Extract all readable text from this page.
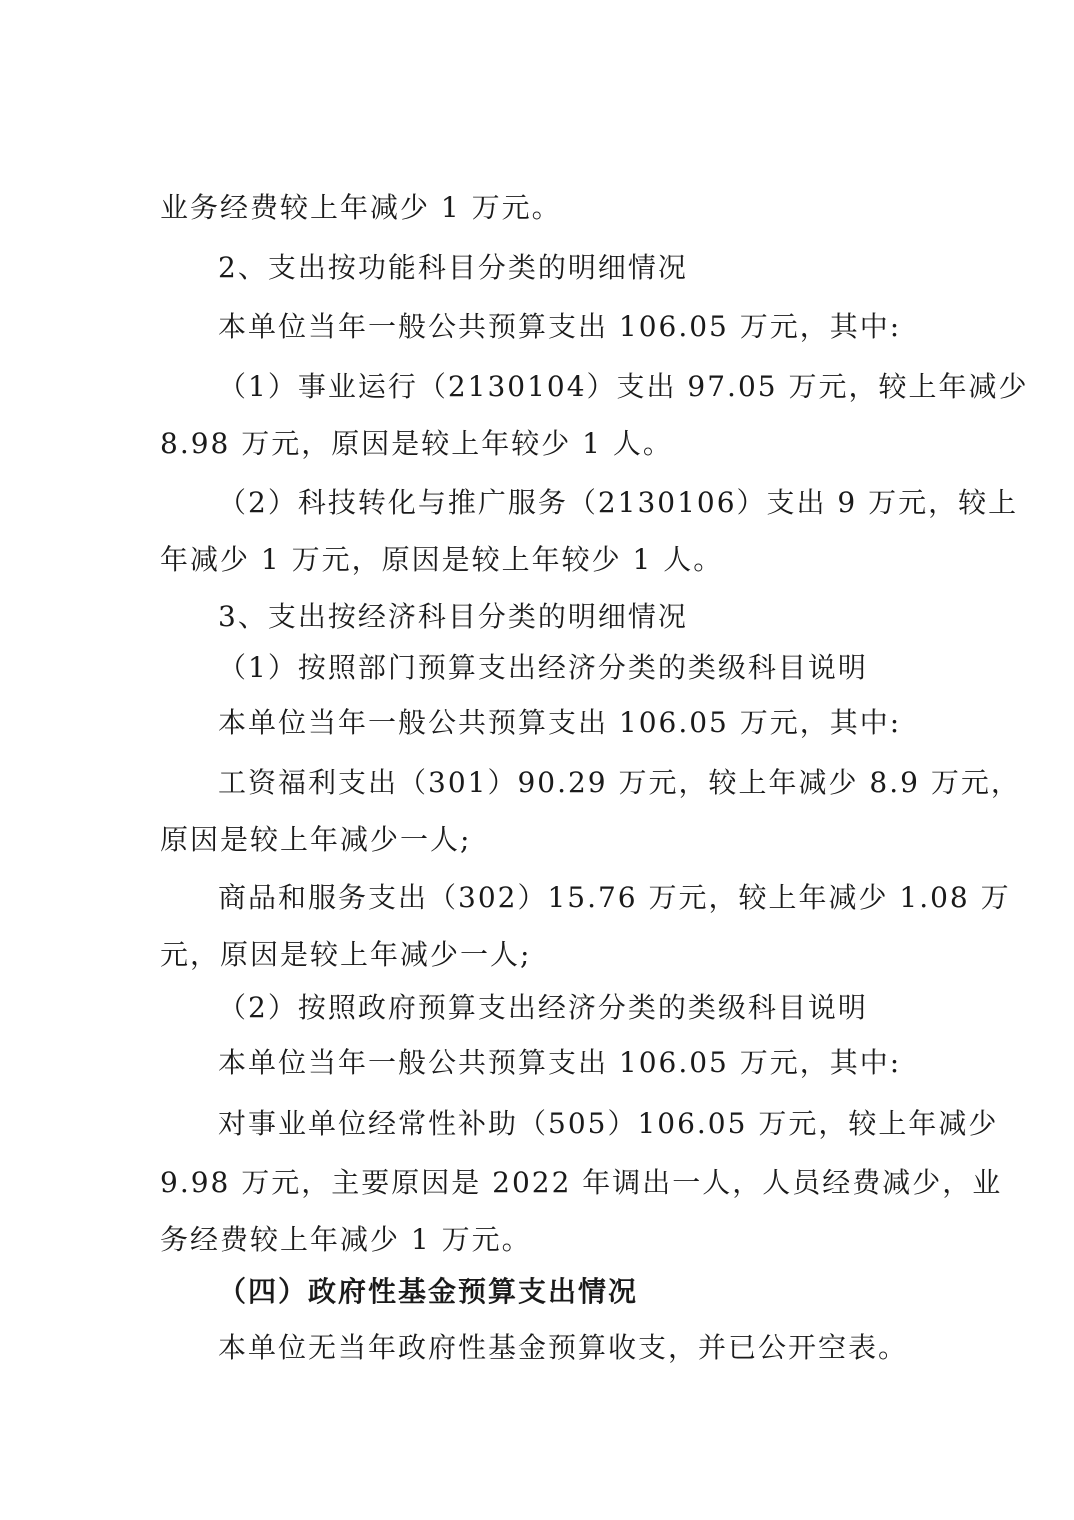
业务经费较上年减少 1 万元。
2、支出按功能科目分类的明细情况
本单位当年一般公共预算支出 106.05 万元，其中:
（1）事业运行（2130104）支出 97.05 万元，较上年减少
8.98 万元，原因是较上年较少 1 人。
（2）科技转化与推广服务（2130106）支出 9 万元，较上
年减少 1 万元，原因是较上年较少 1 人。
3、支出按经济科目分类的明细情况
（1）按照部门预算支出经济分类的类级科目说明
本单位当年一般公共预算支出 106.05 万元，其中:
工资福利支出（301）90.29 万元，较上年减少 8.9 万元，
原因是较上年减少一人;
商品和服务支出（302）15.76 万元，较上年减少 1.08 万
元，原因是较上年减少一人;
（2）按照政府预算支出经济分类的类级科目说明
本单位当年一般公共预算支出 106.05 万元，其中:
对事业单位经常性补助（505）106.05 万元，较上年减少
9.98 万元，主要原因是 2022 年调出一人，人员经费减少，业
务经费较上年减少 1 万元。
（四）政府性基金预算支出情况
本单位无当年政府性基金预算收支，并已公开空表。
